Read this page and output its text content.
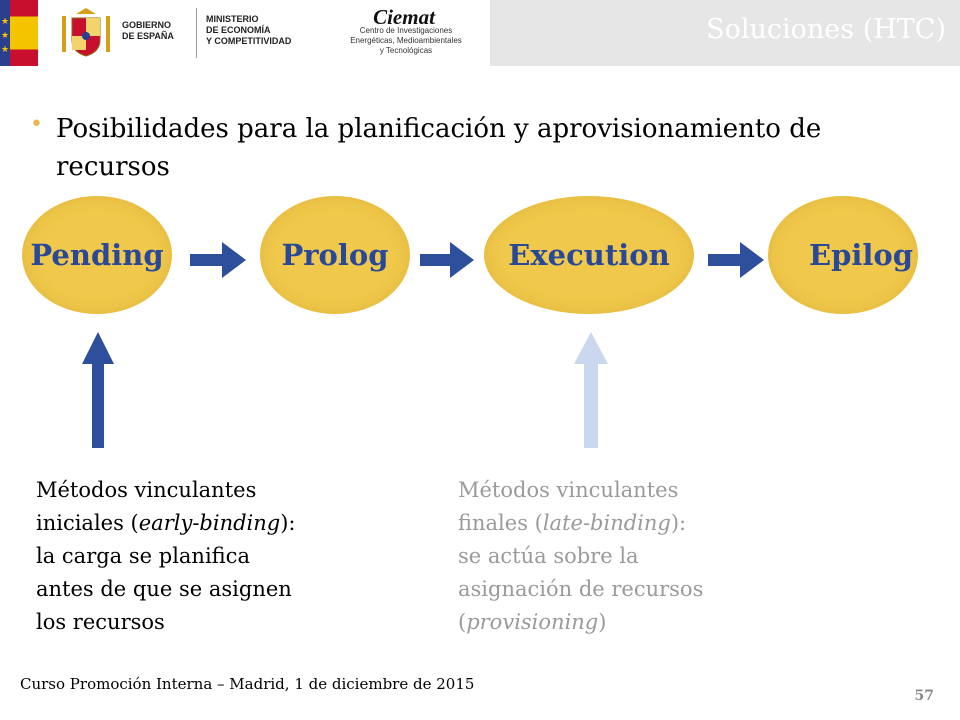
★
★
★
GOBIERNO
DE ESPAÑA
MINISTERIO
DE ECONOMÍA
Y COMPETITIVIDAD
Ciemat
Centro de Investigaciones
Energéticas, Medioambientales
y Tecnológicas
Soluciones (HTC)
• Posibilidades para la planificación y aprovisionamiento de recursos
Pending	Prolog	Execution	Epilog
Métodos vinculantes
iniciales (early-binding):
la carga se planifica
antes de que se asignen
los recursos
Métodos vinculantes
finales (late-binding):
se actúa sobre la
asignación de recursos
(provisioning)
Curso Promoción Interna – Madrid, 1 de diciembre de 2015
57
